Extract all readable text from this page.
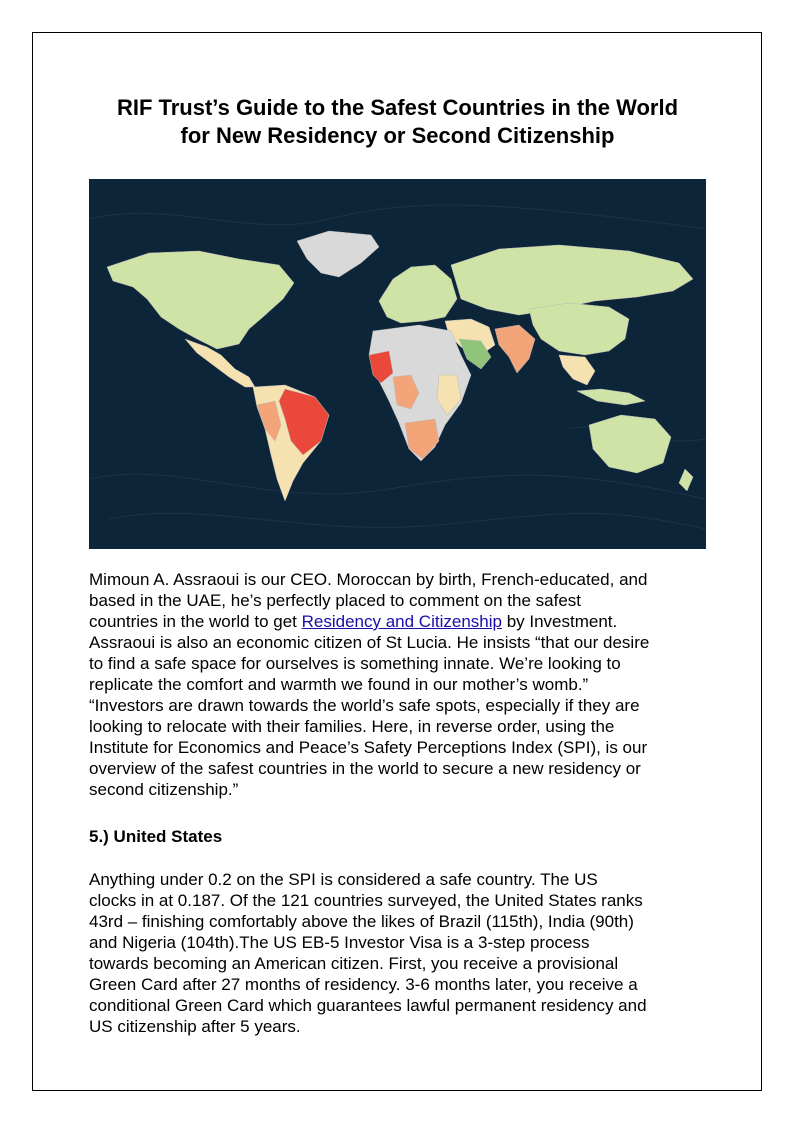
RIF Trust’s Guide to the Safest Countries in the World
for New Residency or Second Citizenship

Mimoun A. Assraoui is our CEO. Moroccan by birth, French-educated, and
based in the UAE, he’s perfectly placed to comment on the safest
countries in the world to get Residency and Citizenship by Investment.
Assraoui is also an economic citizen of St Lucia. He insists “that our desire
to find a safe space for ourselves is something innate. We’re looking to
replicate the comfort and warmth we found in our mother’s womb.”
“Investors are drawn towards the world’s safe spots, especially if they are
looking to relocate with their families. Here, in reverse order, using the
Institute for Economics and Peace’s Safety Perceptions Index (SPI), is our
overview of the safest countries in the world to secure a new residency or
second citizenship.”

5.) United States

Anything under 0.2 on the SPI is considered a safe country. The US
clocks in at 0.187. Of the 121 countries surveyed, the United States ranks
43rd – finishing comfortably above the likes of Brazil (115th), India (90th)
and Nigeria (104th).The US EB-5 Investor Visa is a 3-step process
towards becoming an American citizen. First, you receive a provisional
Green Card after 27 months of residency. 3-6 months later, you receive a
conditional Green Card which guarantees lawful permanent residency and
US citizenship after 5 years.
